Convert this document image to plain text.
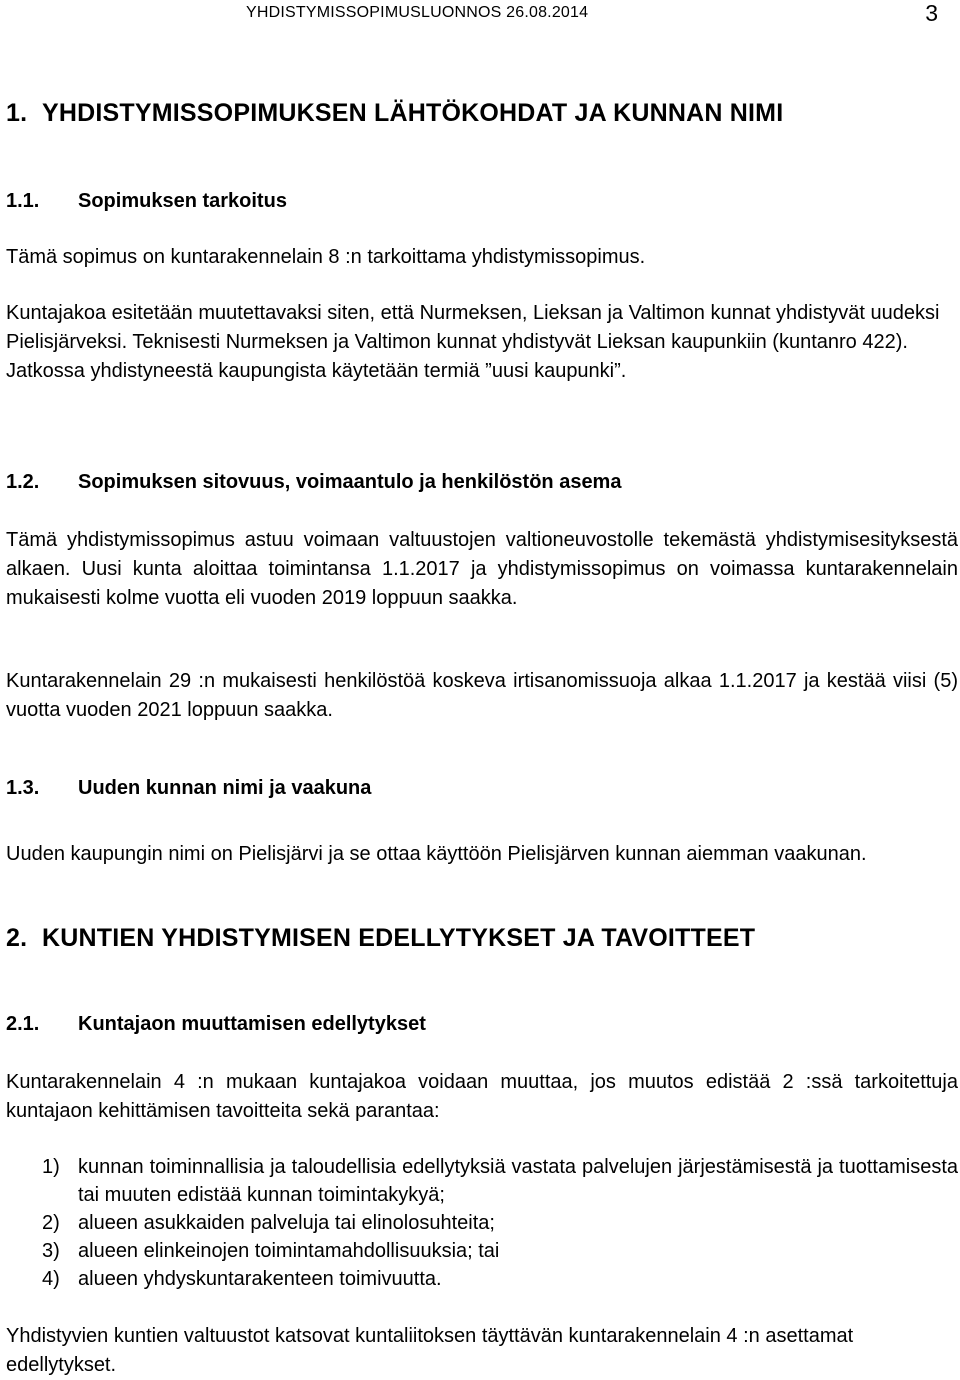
YHDISTYMISSOPIMUSLUONNOS 26.08.2014	3
1. YHDISTYMISSOPIMUKSEN LÄHTÖKOHDAT JA KUNNAN NIMI
1.1. Sopimuksen tarkoitus
Tämä sopimus on kuntarakennelain 8 :n tarkoittama yhdistymissopimus.
Kuntajakoa esitetään muutettavaksi siten, että Nurmeksen, Lieksan ja Valtimon kunnat yhdistyvät uudeksi Pielisjärveksi. Teknisesti Nurmeksen ja Valtimon kunnat yhdistyvät Lieksan kaupunkiin (kuntanro 422). Jatkossa yhdistyneestä kaupungista käytetään termiä ”uusi kaupunki”.
1.2. Sopimuksen sitovuus, voimaantulo ja henkilöstön asema
Tämä yhdistymissopimus astuu voimaan valtuustojen valtioneuvostolle tekemästä yhdistymisesityksestä alkaen. Uusi kunta aloittaa toimintansa 1.1.2017 ja yhdistymissopimus on voimassa kuntarakennelain mukaisesti kolme vuotta eli vuoden 2019 loppuun saakka.
Kuntarakennelain 29 :n mukaisesti henkilöstöä koskeva irtisanomissuoja alkaa 1.1.2017 ja kestää viisi (5) vuotta vuoden 2021 loppuun saakka.
1.3. Uuden kunnan nimi ja vaakuna
Uuden kaupungin nimi on Pielisjärvi ja se ottaa käyttöön Pielisjärven kunnan aiemman vaakunan.
2. KUNTIEN YHDISTYMISEN EDELLYTYKSET JA TAVOITTEET
2.1. Kuntajaon muuttamisen edellytykset
Kuntarakennelain 4 :n mukaan kuntajakoa voidaan muuttaa, jos muutos edistää 2 :ssä tarkoitettuja kuntajaon kehittämisen tavoitteita sekä parantaa:
1) kunnan toiminnallisia ja taloudellisia edellytyksiä vastata palvelujen järjestämisestä ja tuottamisesta tai muuten edistää kunnan toimintakykyä;
2) alueen asukkaiden palveluja tai elinolosuhteita;
3) alueen elinkeinojen toimintamahdollisuuksia; tai
4) alueen yhdyskuntarakenteen toimivuutta.
Yhdistyvien kuntien valtuustot katsovat kuntaliitoksen täyttävän kuntarakennelain 4 :n asettamat edellytykset.
